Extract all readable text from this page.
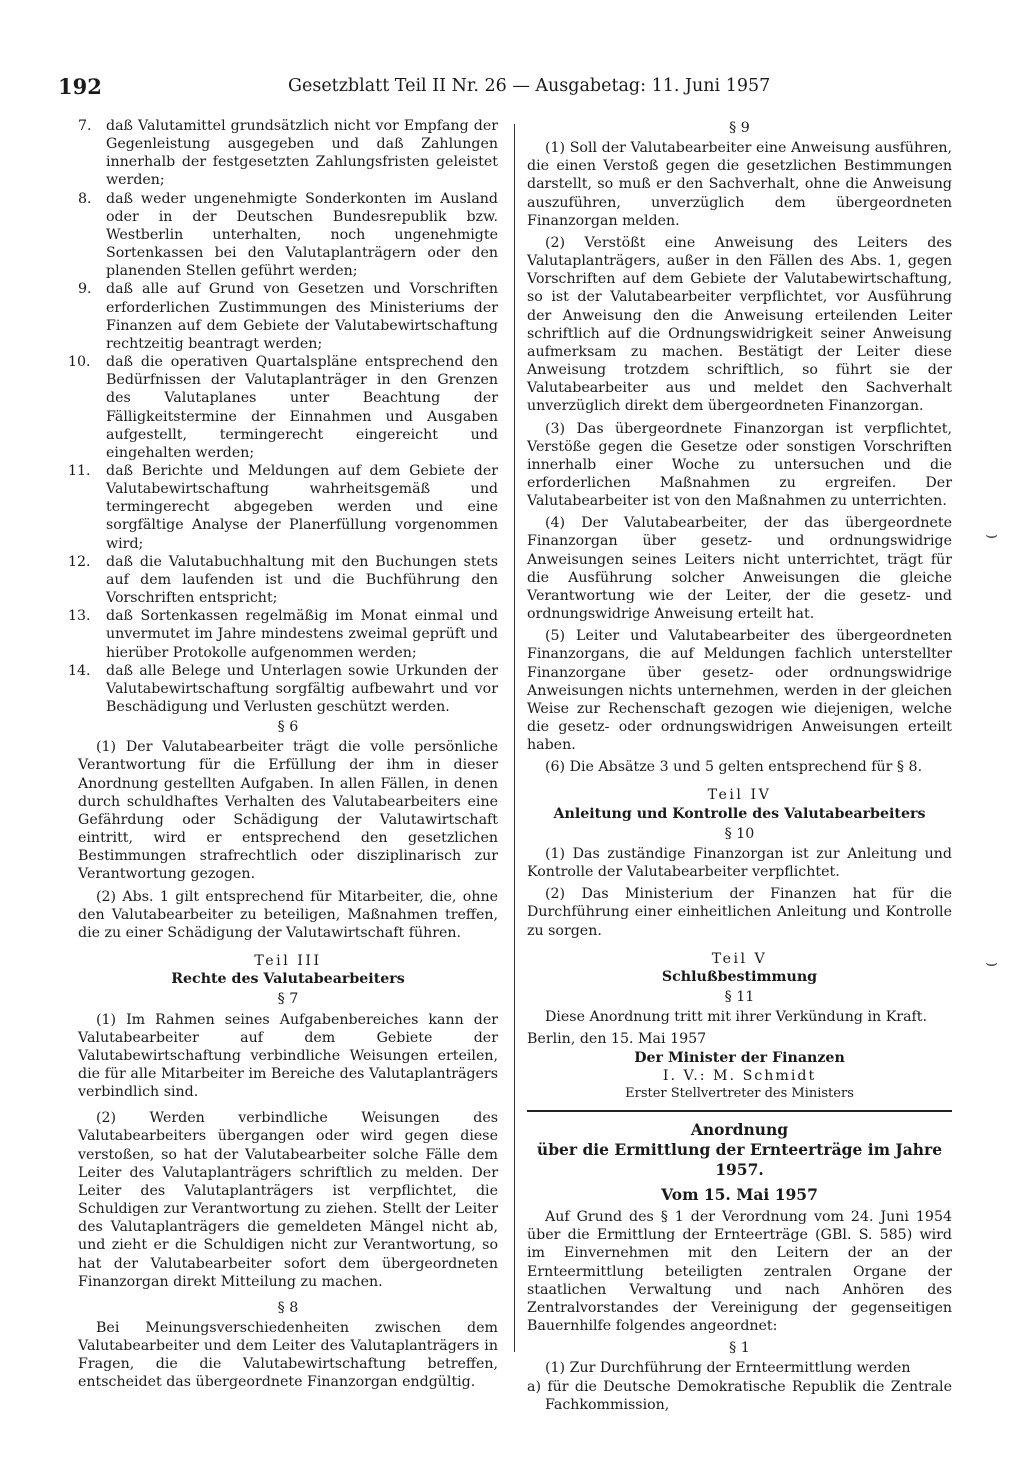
192	Gesetzblatt Teil II Nr. 26 — Ausgabetag: 11. Juni 1957
7. daß Valutamittel grundsätzlich nicht vor Empfang der Gegenleistung ausgegeben und daß Zahlungen innerhalb der festgesetzten Zahlungsfristen geleistet werden;
8. daß weder ungenehmigte Sonderkonten im Ausland oder in der Deutschen Bundesrepublik bzw. Westberlin unterhalten, noch ungenehmigte Sortenkassen bei den Valutaplanträgern oder den planenden Stellen geführt werden;
9. daß alle auf Grund von Gesetzen und Vorschriften erforderlichen Zustimmungen des Ministeriums der Finanzen auf dem Gebiete der Valutabewirtschaftung rechtzeitig beantragt werden;
10. daß die operativen Quartalspläne entsprechend den Bedürfnissen der Valutaplanträger in den Grenzen des Valutaplanes unter Beachtung der Fälligkeitstermine der Einnahmen und Ausgaben aufgestellt, termingerecht eingereicht und eingehalten werden;
11. daß Berichte und Meldungen auf dem Gebiete der Valutabewirtschaftung wahrheitsgemäß und termingerecht abgegeben werden und eine sorgfältige Analyse der Planerfüllung vorgenommen wird;
12. daß die Valutabuchhaltung mit den Buchungen stets auf dem laufenden ist und die Buchführung den Vorschriften entspricht;
13. daß Sortenkassen regelmäßig im Monat einmal und unvermutet im Jahre mindestens zweimal geprüft und hierüber Protokolle aufgenommen werden;
14. daß alle Belege und Unterlagen sowie Urkunden der Valutabewirtschaftung sorgfältig aufbewahrt und vor Beschädigung und Verlusten geschützt werden.
§ 6

(1) Der Valutabearbeiter trägt die volle persönliche Verantwortung für die Erfüllung der ihm in dieser Anordnung gestellten Aufgaben. In allen Fällen, in denen durch schuldhaftes Verhalten des Valutabearbeiters eine Gefährdung oder Schädigung der Valutawirtschaft eintritt, wird er entsprechend den gesetzlichen Bestimmungen strafrechtlich oder disziplinarisch zur Verantwortung gezogen.

(2) Abs. 1 gilt entsprechend für Mitarbeiter, die, ohne den Valutabearbeiter zu beteiligen, Maßnahmen treffen, die zu einer Schädigung der Valutawirtschaft führen.

Teil III
Rechte des Valutabearbeiters
§ 7

(1) Im Rahmen seines Aufgabenbereiches kann der Valutabearbeiter auf dem Gebiete der Valutabewirtschaftung verbindliche Weisungen erteilen, die für alle Mitarbeiter im Bereiche des Valutaplanträgers verbindlich sind.

(2) Werden verbindliche Weisungen des Valutabearbeiters übergangen oder wird gegen diese verstoßen, so hat der Valutabearbeiter solche Fälle dem Leiter des Valutaplanträgers schriftlich zu melden. Der Leiter des Valutaplanträgers ist verpflichtet, die Schuldigen zur Verantwortung zu ziehen. Stellt der Leiter des Valutaplanträgers die gemeldeten Mängel nicht ab, und zieht er die Schuldigen nicht zur Verantwortung, so hat der Valutabearbeiter sofort dem übergeordneten Finanzorgan direkt Mitteilung zu machen.

§ 8

Bei Meinungsverschiedenheiten zwischen dem Valutabearbeiter und dem Leiter des Valutaplanträgers in Fragen, die die Valutabewirtschaftung betreffen, entscheidet das übergeordnete Finanzorgan endgültig.

§ 9

(1) Soll der Valutabearbeiter eine Anweisung ausführen, die einen Verstoß gegen die gesetzlichen Bestimmungen darstellt, so muß er den Sachverhalt, ohne die Anweisung auszuführen, unverzüglich dem übergeordneten Finanzorgan melden.

(2) Verstößt eine Anweisung des Leiters des Valutaplanträgers, außer in den Fällen des Abs. 1, gegen Vorschriften auf dem Gebiete der Valutabewirtschaftung, so ist der Valutabearbeiter verpflichtet, vor Ausführung der Anweisung den die Anweisung erteilenden Leiter schriftlich auf die Ordnungswidrigkeit seiner Anweisung aufmerksam zu machen. Bestätigt der Leiter diese Anweisung trotzdem schriftlich, so führt sie der Valutabearbeiter aus und meldet den Sachverhalt unverzüglich direkt dem übergeordneten Finanzorgan.

(3) Das übergeordnete Finanzorgan ist verpflichtet, Verstöße gegen die Gesetze oder sonstigen Vorschriften innerhalb einer Woche zu untersuchen und die erforderlichen Maßnahmen zu ergreifen. Der Valutabearbeiter ist von den Maßnahmen zu unterrichten.

(4) Der Valutabearbeiter, der das übergeordnete Finanzorgan über gesetz- und ordnungswidrige Anweisungen seines Leiters nicht unterrichtet, trägt für die Ausführung solcher Anweisungen die gleiche Verantwortung wie der Leiter, der die gesetz- und ordnungswidrige Anweisung erteilt hat.

(5) Leiter und Valutabearbeiter des übergeordneten Finanzorgans, die auf Meldungen fachlich unterstellter Finanzorgane über gesetz- oder ordnungswidrige Anweisungen nichts unternehmen, werden in der gleichen Weise zur Rechenschaft gezogen wie diejenigen, welche die gesetz- oder ordnungswidrigen Anweisungen erteilt haben.

(6) Die Absätze 3 und 5 gelten entsprechend für § 8.

Teil IV
Anleitung und Kontrolle des Valutabearbeiters
§ 10

(1) Das zuständige Finanzorgan ist zur Anleitung und Kontrolle der Valutabearbeiter verpflichtet.

(2) Das Ministerium der Finanzen hat für die Durchführung einer einheitlichen Anleitung und Kontrolle zu sorgen.

Teil V
Schlußbestimmung
§ 11

Diese Anordnung tritt mit ihrer Verkündung in Kraft.

Berlin, den 15. Mai 1957

Der Minister der Finanzen
I. V.: M. Schmidt
Erster Stellvertreter des Ministers
Anordnung
über die Ermittlung der Ernteerträge im Jahre 1957.
Vom 15. Mai 1957

Auf Grund des § 1 der Verordnung vom 24. Juni 1954 über die Ermittlung der Ernteerträge (GBl. S. 585) wird im Einvernehmen mit den Leitern der an der Ernteermittlung beteiligten zentralen Organe der staatlichen Verwaltung und nach Anhören des Zentralvorstandes der Vereinigung der gegenseitigen Bauernhilfe folgendes angeordnet:

§ 1

(1) Zur Durchführung der Ernteermittlung werden

a) für die Deutsche Demokratische Republik die Zentrale Fachkommission,
⌣
⌣
